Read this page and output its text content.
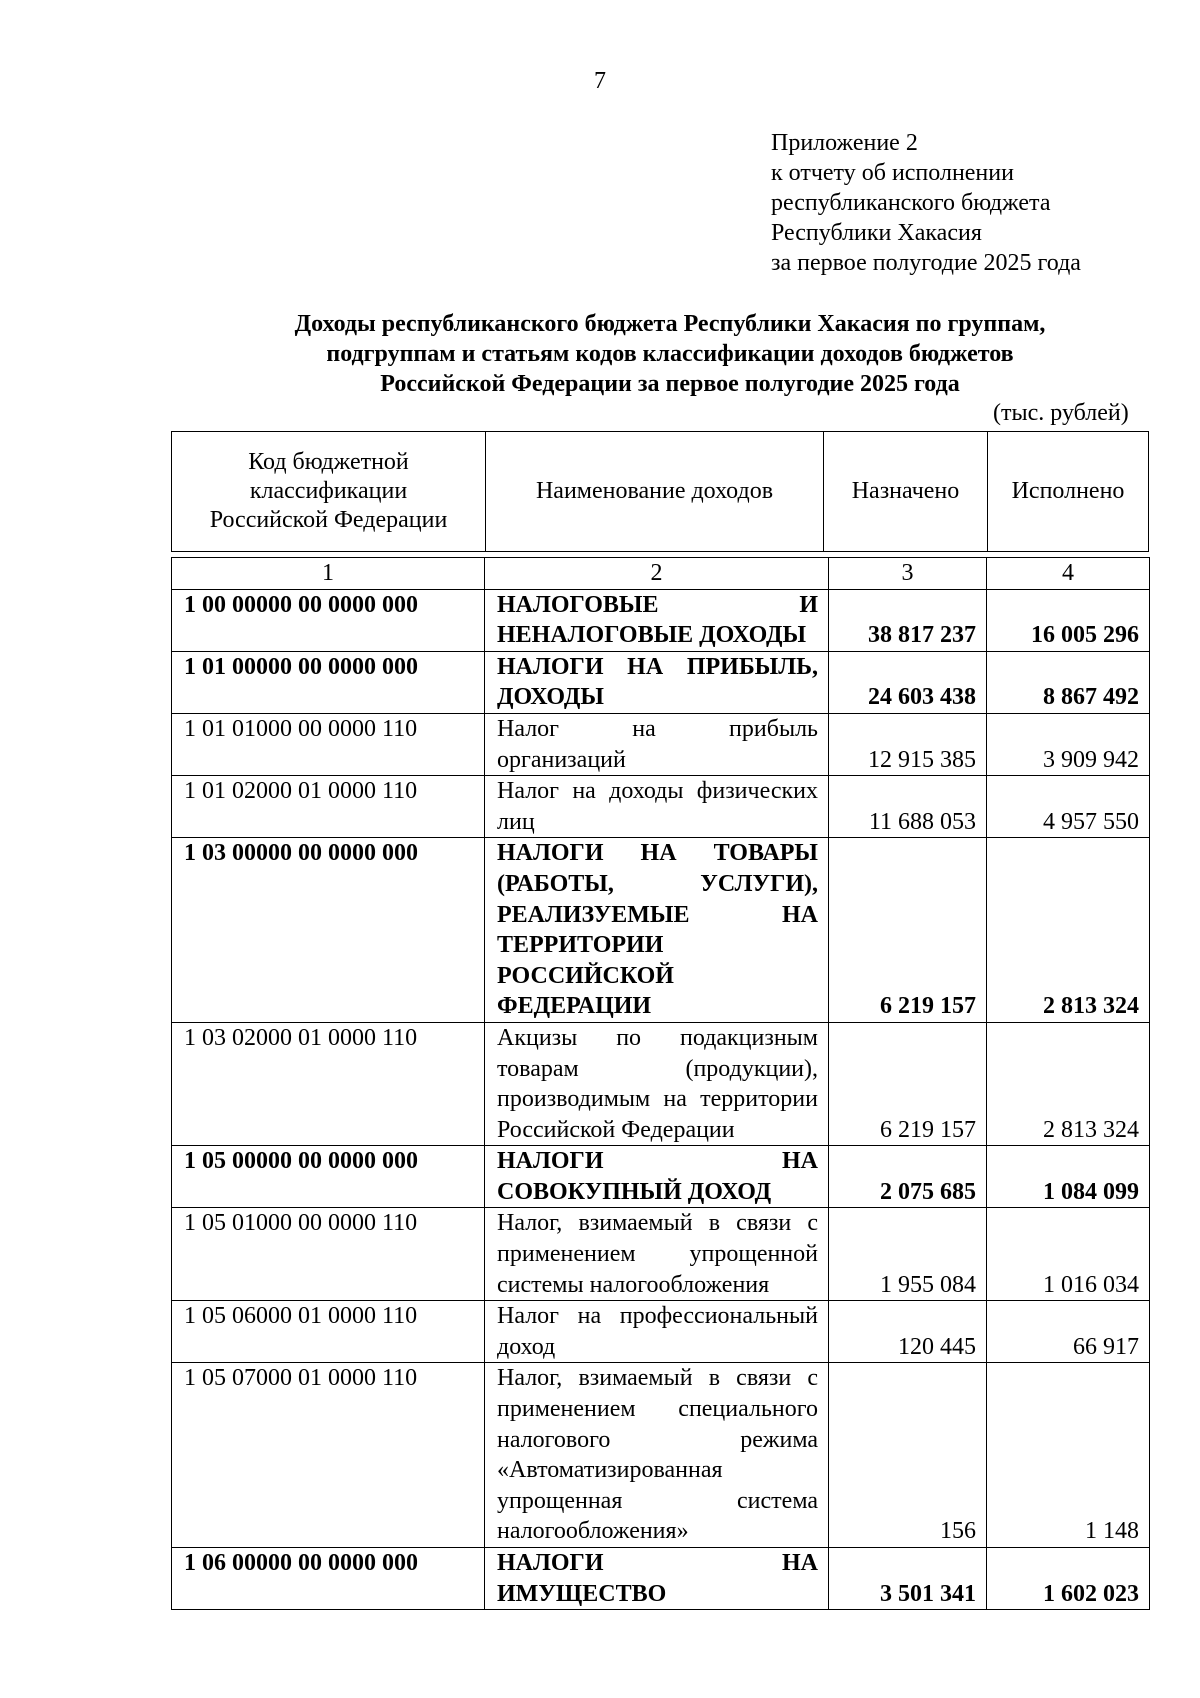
7
Приложение 2
к отчету об исполнении
республиканского бюджета
Республики Хакасия
за первое полугодие 2025 года
Доходы республиканского бюджета Республики Хакасия по группам,
подгруппам и статьям кодов классификации доходов бюджетов
Российской Федерации за первое полугодие 2025 года
(тыс. рублей)
Код бюджетной классификации Российской Федерации	Наименование доходов	Назначено	Исполнено
1	2	3	4
1 00 00000 00 0000 000	НАЛОГОВЫЕ И НЕНАЛОГОВЫЕ ДОХОДЫ	38 817 237	16 005 296
1 01 00000 00 0000 000	НАЛОГИ НА ПРИБЫЛЬ, ДОХОДЫ	24 603 438	8 867 492
1 01 01000 00 0000 110	Налог на прибыль организаций	12 915 385	3 909 942
1 01 02000 01 0000 110	Налог на доходы физических лиц	11 688 053	4 957 550
1 03 00000 00 0000 000	НАЛОГИ НА ТОВАРЫ (РАБОТЫ, УСЛУГИ), РЕАЛИЗУЕМЫЕ НА ТЕРРИТОРИИ РОССИЙСКОЙ ФЕДЕРАЦИИ	6 219 157	2 813 324
1 03 02000 01 0000 110	Акцизы по подакцизным товарам (продукции), производимым на территории Российской Федерации	6 219 157	2 813 324
1 05 00000 00 0000 000	НАЛОГИ НА СОВОКУПНЫЙ ДОХОД	2 075 685	1 084 099
1 05 01000 00 0000 110	Налог, взимаемый в связи с применением упрощенной системы налогообложения	1 955 084	1 016 034
1 05 06000 01 0000 110	Налог на профессиональный доход	120 445	66 917
1 05 07000 01 0000 110	Налог, взимаемый в связи с применением специального налогового режима «Автоматизированная упрощенная система налогообложения»	156	1 148
1 06 00000 00 0000 000	НАЛОГИ НА ИМУЩЕСТВО	3 501 341	1 602 023
